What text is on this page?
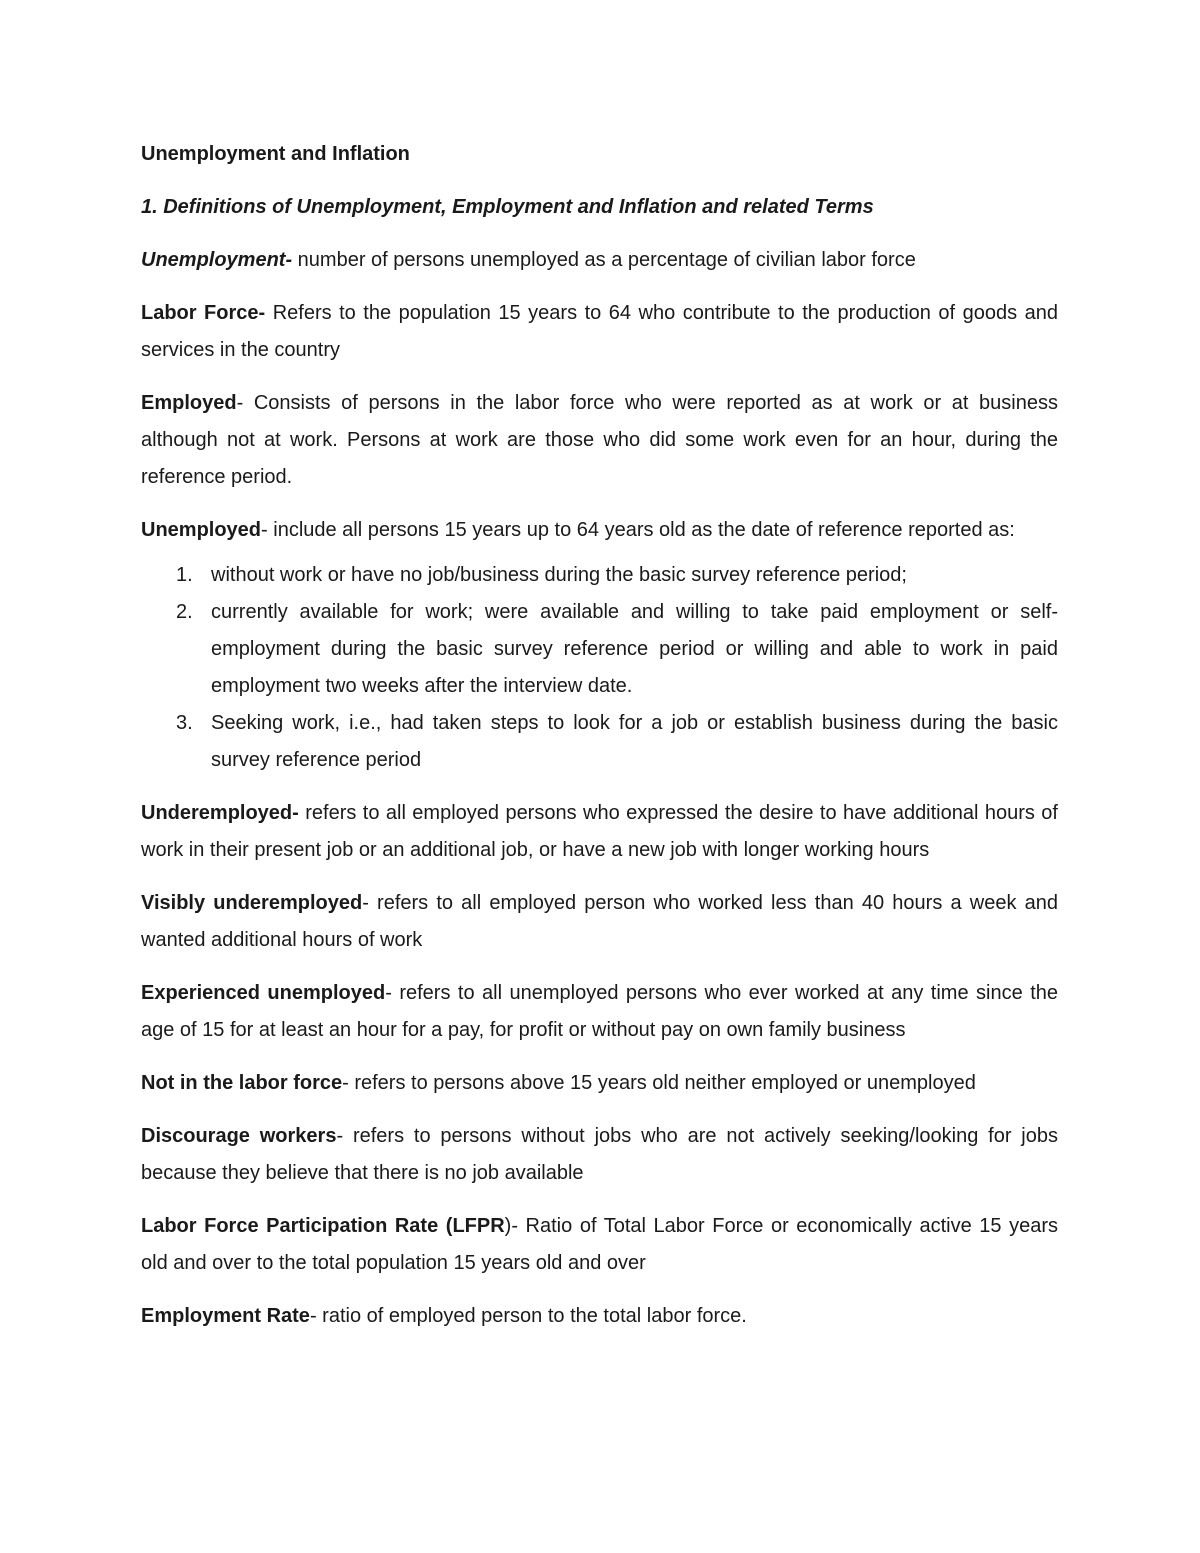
Unemployment and Inflation
1. Definitions of Unemployment, Employment and Inflation and related Terms

Unemployment- number of persons unemployed as a percentage of civilian labor force

Labor Force- Refers to the population 15 years to 64 who contribute to the production of goods and services in the country

Employed- Consists of persons in the labor force who were reported as at work or at business although not at work. Persons at work are those who did some work even for an hour, during the reference period.

Unemployed- include all persons 15 years up to 64 years old as the date of reference reported as:

1. without work or have no job/business during the basic survey reference period;
2. currently available for work; were available and willing to take paid employment or self-employment during the basic survey reference period or willing and able to work in paid employment two weeks after the interview date.
3. Seeking work, i.e., had taken steps to look for a job or establish business during the basic survey reference period

Underemployed- refers to all employed persons who expressed the desire to have additional hours of work in their present job or an additional job, or have a new job with longer working hours

Visibly underemployed- refers to all employed person who worked less than 40 hours a week and wanted additional hours of work

Experienced unemployed- refers to all unemployed persons who ever worked at any time since the age of 15 for at least an hour for a pay, for profit or without pay on own family business

Not in the labor force- refers to persons above 15 years old neither employed or unemployed

Discourage workers- refers to persons without jobs who are not actively seeking/looking for jobs because they believe that there is no job available

Labor Force Participation Rate (LFPR)- Ratio of Total Labor Force or economically active 15 years old and over to the total population 15 years old and over

Employment Rate- ratio of employed person to the total labor force.
